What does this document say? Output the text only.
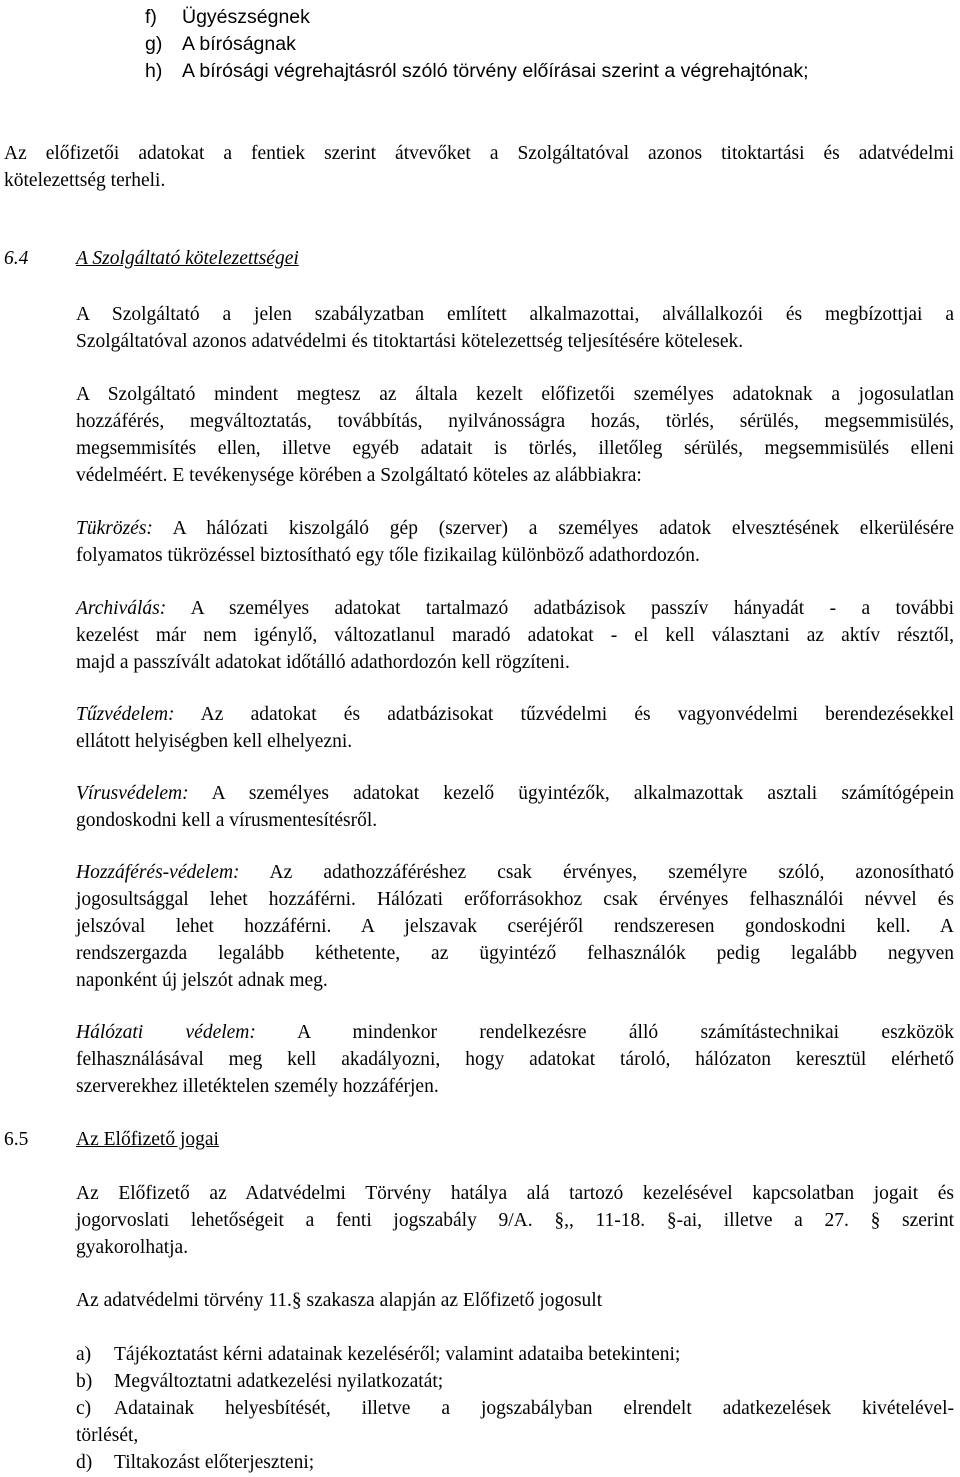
f) Ügyészségnek
g) A bíróságnak
h) A bírósági végrehajtásról szóló törvény előírásai szerint a végrehajtónak;
Az előfizetői adatokat a fentiek szerint átvevőket a Szolgáltatóval azonos titoktartási és adatvédelmi
kötelezettség terheli.
6.4 A Szolgáltató kötelezettségei
A Szolgáltató a jelen szabályzatban említett alkalmazottai, alvállalkozói és megbízottjai a
Szolgáltatóval azonos adatvédelmi és titoktartási kötelezettség teljesítésére kötelesek.
A Szolgáltató mindent megtesz az általa kezelt előfizetői személyes adatoknak a jogosulatlan
hozzáférés, megváltoztatás, továbbítás, nyilvánosságra hozás, törlés, sérülés, megsemmisülés,
megsemmisítés ellen, illetve egyéb adatait is törlés, illetőleg sérülés, megsemmisülés elleni
védelméért. E tevékenysége körében a Szolgáltató köteles az alábbiakra:
Tükrözés: A hálózati kiszolgáló gép (szerver) a személyes adatok elvesztésének elkerülésére
folyamatos tükrözéssel biztosítható egy tőle fizikailag különböző adathordozón.
Archiválás: A személyes adatokat tartalmazó adatbázisok passzív hányadát - a további
kezelést már nem igénylő, változatlanul maradó adatokat - el kell választani az aktív résztől,
majd a passzívált adatokat időtálló adathordozón kell rögzíteni.
Tűzvédelem: Az adatokat és adatbázisokat tűzvédelmi és vagyonvédelmi berendezésekkel
ellátott helyiségben kell elhelyezni.
Vírusvédelem: A személyes adatokat kezelő ügyintézők, alkalmazottak asztali számítógépein
gondoskodni kell a vírusmentesítésről.
Hozzáférés-védelem: Az adathozzáféréshez csak érvényes, személyre szóló, azonosítható
jogosultsággal lehet hozzáférni. Hálózati erőforrásokhoz csak érvényes felhasználói névvel és
jelszóval lehet hozzáférni. A jelszavak cseréjéről rendszeresen gondoskodni kell. A
rendszergazda legalább kéthetente, az ügyintéző felhasználók pedig legalább negyven
naponként új jelszót adnak meg.
Hálózati védelem: A mindenkor rendelkezésre álló számítástechnikai eszközök
felhasználásával meg kell akadályozni, hogy adatokat tároló, hálózaton keresztül elérhető
szerverekhez illetéktelen személy hozzáférjen.
6.5 Az Előfizető jogai
Az Előfizető az Adatvédelmi Törvény hatálya alá tartozó kezelésével kapcsolatban jogait és
jogorvoslati lehetőségeit a fenti jogszabály 9/A. §,, 11-18. §-ai, illetve a 27. § szerint
gyakorolhatja.
Az adatvédelmi törvény 11.§ szakasza alapján az Előfizető jogosult
a) Tájékoztatást kérni adatainak kezeléséről; valamint adataiba betekinteni;
b) Megváltoztatni adatkezelési nyilatkozatát;
c) Adatainak helyesbítését, illetve a jogszabályban elrendelt adatkezelések kivételével-
törlését,
d) Tiltakozást előterjeszteni;
